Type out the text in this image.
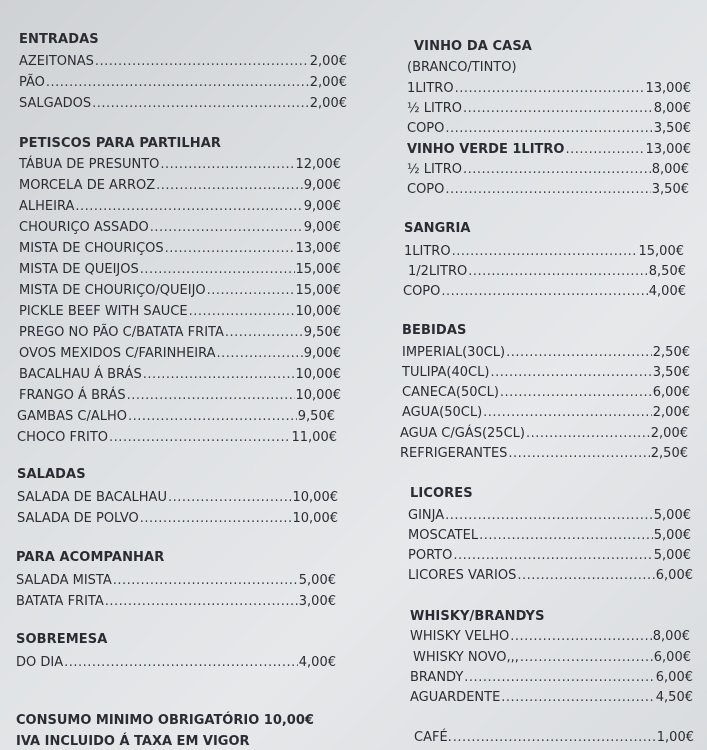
ENTRADAS
AZEITONAS .....	2,00€
PÃO .....	2,00€
SALGADOS .....	2,00€
PETISCOS PARA PARTILHAR
TÁBUA DE PRESUNTO .....	12,00€
MORCELA DE ARROZ .....	9,00€
ALHEIRA .....	9,00€
CHOURIÇO ASSADO .....	9,00€
MISTA DE CHOURIÇOS .....	13,00€
MISTA DE QUEIJOS .....	15,00€
MISTA DE CHOURIÇO/QUEIJO .....	15,00€
PICKLE BEEF WITH SAUCE .....	10,00€
PREGO NO PÃO C/BATATA FRITA .....	9,50€
OVOS MEXIDOS C/FARINHEIRA .....	9,00€
BACALHAU Á BRÁS .....	10,00€
FRANGO Á BRÁS .....	10,00€
GAMBAS C/ALHO .....	9,50€
CHOCO FRITO .....	11,00€
SALADAS
SALADA DE BACALHAU .....	10,00€
SALADA DE POLVO .....	10,00€
PARA ACOMPANHAR
SALADA MISTA .....	5,00€
BATATA FRITA .....	3,00€
SOBREMESA
DO DIA .....	4,00€
CONSUMO MINIMO OBRIGATÓRIO 10,00€
IVA INCLUIDO Á TAXA EM VIGOR
VINHO DA CASA
(BRANCO/TINTO)
1LITRO .....	13,00€
½ LITRO .....	8,00€
COPO .....	3,50€
VINHO VERDE 1LITRO .....	13,00€
½ LITRO .....	8,00€
COPO .....	3,50€
SANGRIA
1LITRO .....	15,00€
1/2LITRO .....	8,50€
COPO .....	4,00€
BEBIDAS
IMPERIAL(30CL) .....	2,50€
TULIPA(40CL) .....	3,50€
CANECA(50CL) .....	6,00€
AGUA(50CL) .....	2,00€
AGUA C/GÁS(25CL) .....	2,00€
REFRIGERANTES .....	2,50€
LICORES
GINJA .....	5,00€
MOSCATEL .....	5,00€
PORTO .....	5,00€
LICORES VARIOS .....	6,00€
WHISKY/BRANDYS
WHISKY VELHO .....	8,00€
WHISKY NOVO,,, .....	6,00€
BRANDY .....	6,00€
AGUARDENTE .....	4,50€
CAFÉ. .....	1,00€
